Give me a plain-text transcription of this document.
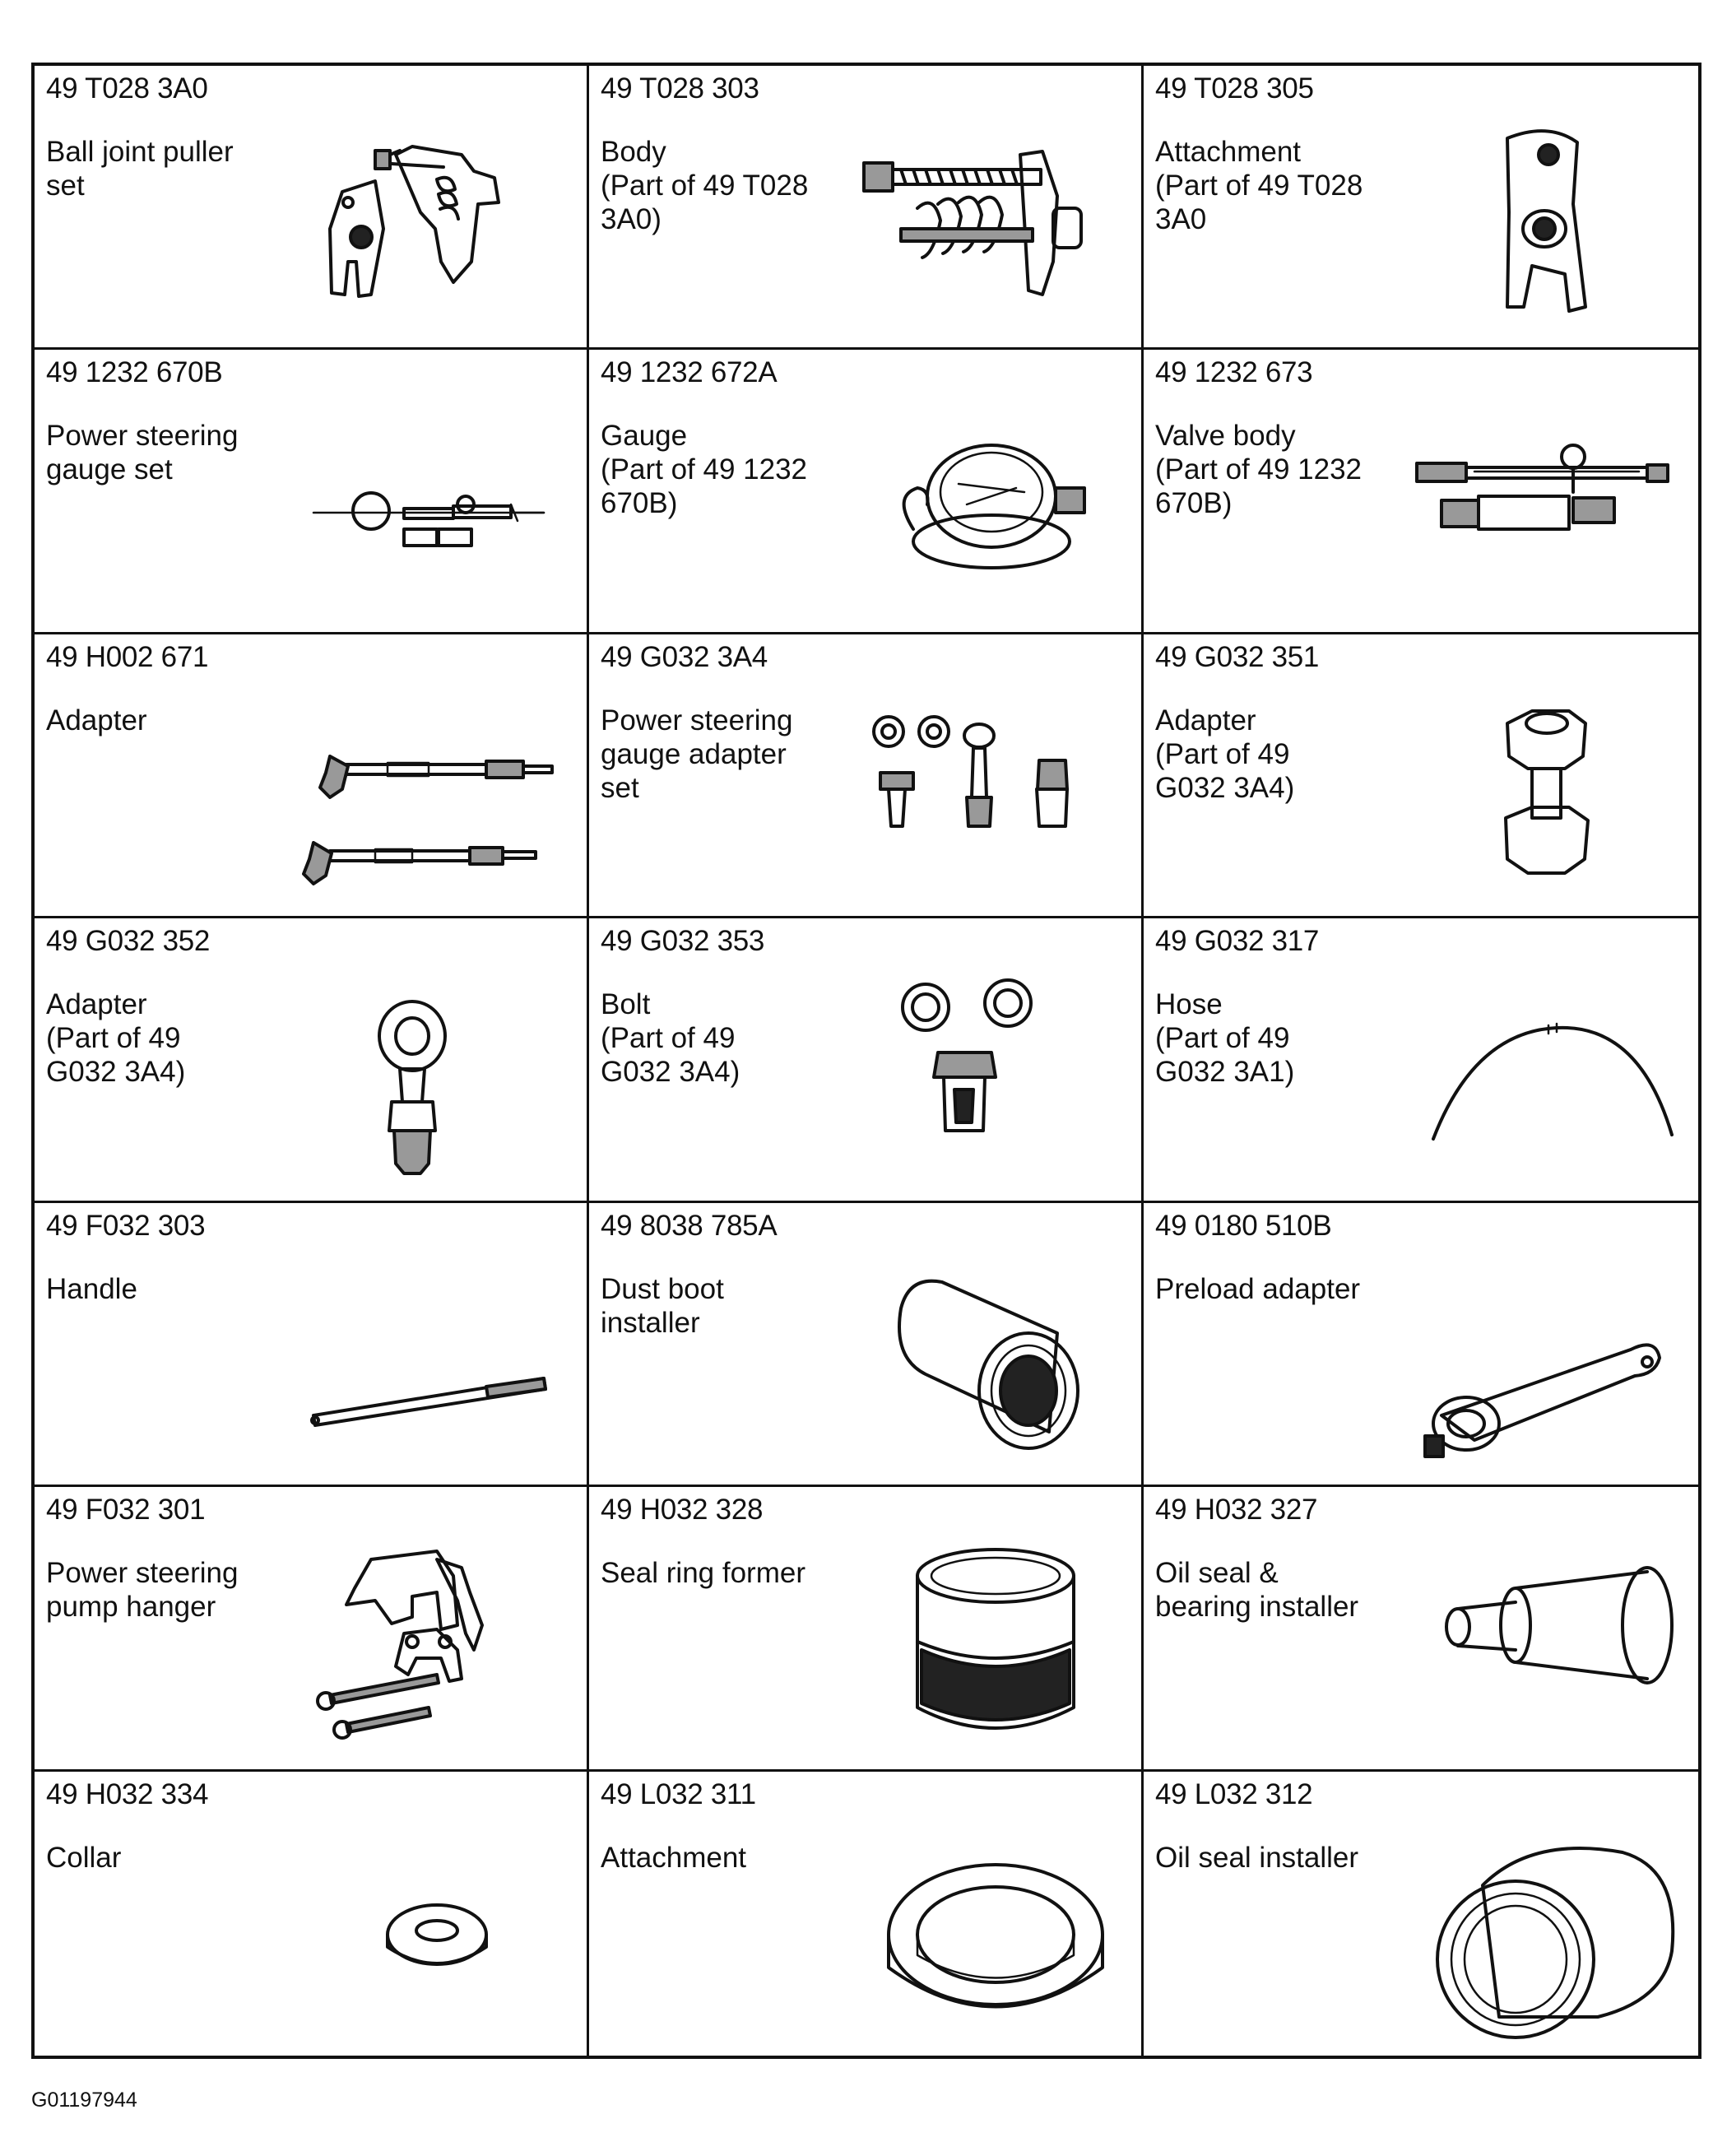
49 T028 3A0
Ball joint puller
set
49 T028 303
Body
(Part of 49 T028
3A0)
49 T028 305
Attachment
(Part of 49 T028
3A0
49 1232 670B
Power steering
gauge set
49 1232 672A
Gauge
(Part of 49 1232
670B)
49 1232 673
Valve body
(Part of 49 1232
670B)
49 H002 671
Adapter
49 G032 3A4
Power steering
gauge adapter
set
49 G032 351
Adapter
(Part of 49
G032 3A4)
49 G032 352
Adapter
(Part of 49
G032 3A4)
49 G032 353
Bolt
(Part of 49
G032 3A4)
49 G032 317
Hose
(Part of 49
G032 3A1)
49 F032 303
Handle
49 8038 785A
Dust boot
installer
49 0180 510B
Preload adapter
49 F032 301
Power steering
pump hanger
49 H032 328
Seal ring former
49 H032 327
Oil seal &
bearing installer
49 H032 334
Collar
49 L032 311
Attachment
49 L032 312
Oil seal installer
G01197944
